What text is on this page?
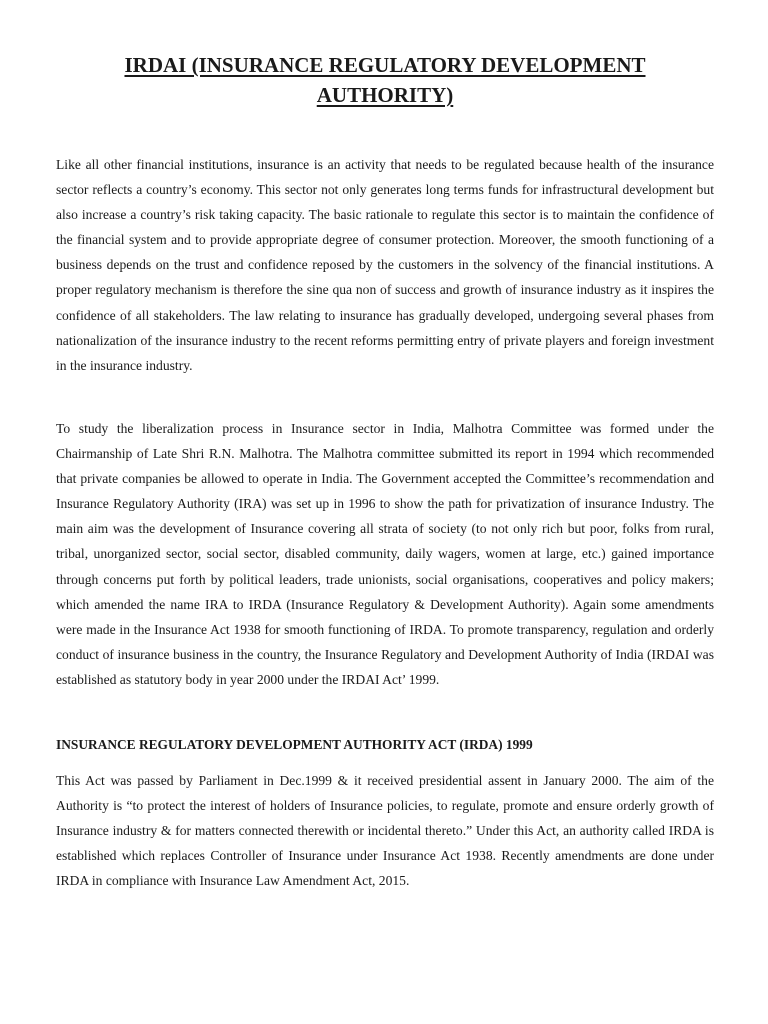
IRDAI (INSURANCE REGULATORY DEVELOPMENT AUTHORITY)

Like all other financial institutions, insurance is an activity that needs to be regulated because health of the insurance sector reflects a country’s economy. This sector not only generates long terms funds for infrastructural development but also increase a country’s risk taking capacity. The basic rationale to regulate this sector is to maintain the confidence of the financial system and to provide appropriate degree of consumer protection. Moreover, the smooth functioning of a business depends on the trust and confidence reposed by the customers in the solvency of the financial institutions. A proper regulatory mechanism is therefore the sine qua non of success and growth of insurance industry as it inspires the confidence of all stakeholders. The law relating to insurance has gradually developed, undergoing several phases from nationalization of the insurance industry to the recent reforms permitting entry of private players and foreign investment in the insurance industry.

To study the liberalization process in Insurance sector in India, Malhotra Committee was formed under the Chairmanship of Late Shri R.N. Malhotra. The Malhotra committee submitted its report in 1994 which recommended that private companies be allowed to operate in India. The Government accepted the Committee’s recommendation and Insurance Regulatory Authority (IRA) was set up in 1996 to show the path for privatization of insurance Industry. The main aim was the development of Insurance covering all strata of society (to not only rich but poor, folks from rural, tribal, unorganized sector, social sector, disabled community, daily wagers, women at large, etc.) gained importance through concerns put forth by political leaders, trade unionists, social organisations, cooperatives and policy makers; which amended the name IRA to IRDA (Insurance Regulatory & Development Authority). Again some amendments were made in the Insurance Act 1938 for smooth functioning of IRDA. To promote transparency, regulation and orderly conduct of insurance business in the country, the Insurance Regulatory and Development Authority of India (IRDAI was established as statutory body in year 2000 under the IRDAI Act’ 1999.

INSURANCE REGULATORY DEVELOPMENT AUTHORITY ACT (IRDA) 1999

This Act was passed by Parliament in Dec.1999 & it received presidential assent in January 2000. The aim of the Authority is “to protect the interest of holders of Insurance policies, to regulate, promote and ensure orderly growth of Insurance industry & for matters connected therewith or incidental thereto.” Under this Act, an authority called IRDA is established which replaces Controller of Insurance under Insurance Act 1938. Recently amendments are done under IRDA in compliance with Insurance Law Amendment Act, 2015.
